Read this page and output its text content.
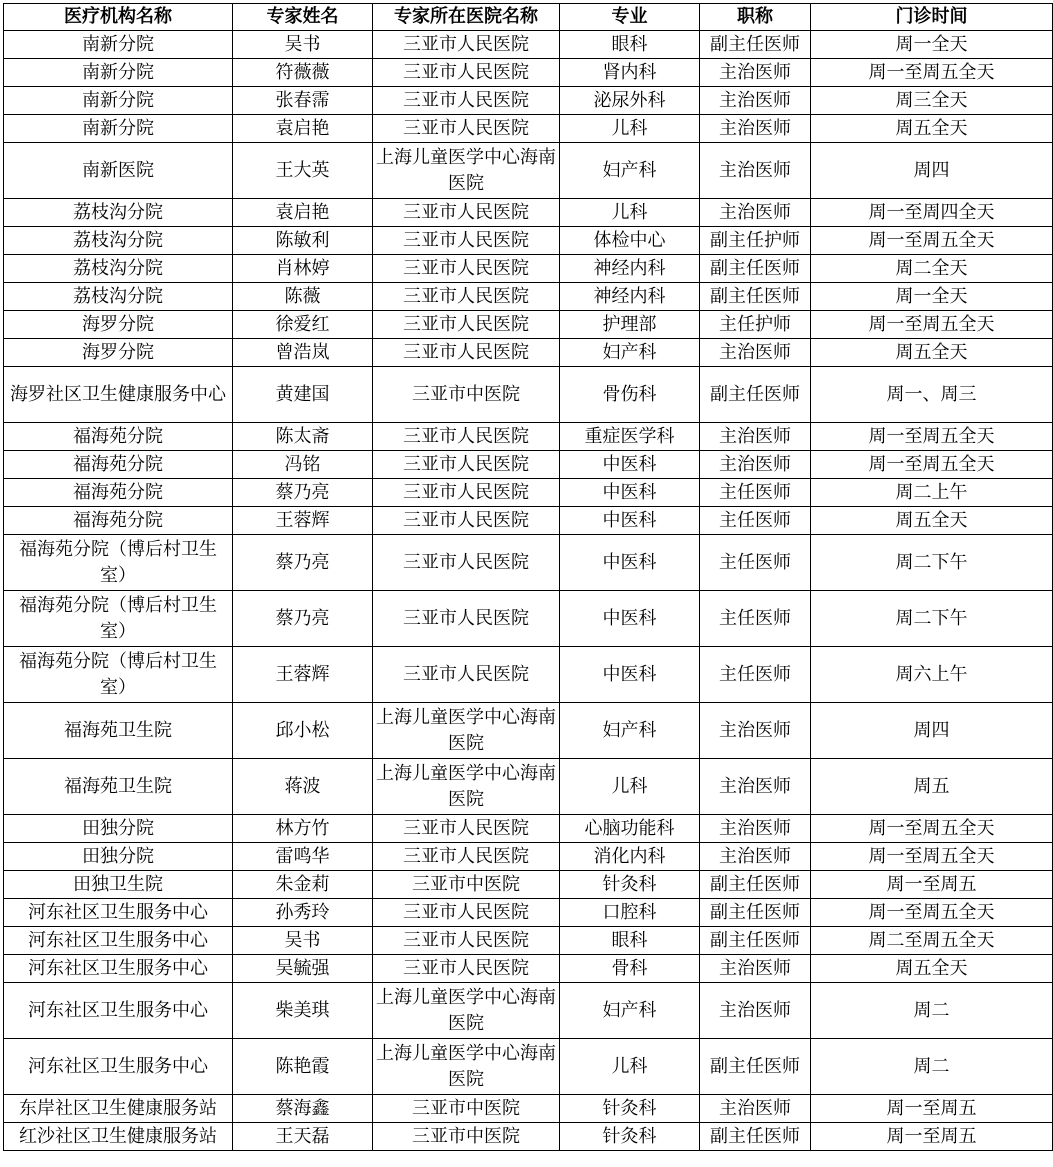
医疗机构名称	专家姓名	专家所在医院名称	专业	职称	门诊时间
南新分院	吴书	三亚市人民医院	眼科	副主任医师	周一全天
南新分院	符薇薇	三亚市人民医院	肾内科	主治医师	周一至周五全天
南新分院	张春霈	三亚市人民医院	泌尿外科	主治医师	周三全天
南新分院	袁启艳	三亚市人民医院	儿科	主治医师	周五全天
南新医院	王大英	上海儿童医学中心海南医院	妇产科	主治医师	周四
荔枝沟分院	袁启艳	三亚市人民医院	儿科	主治医师	周一至周四全天
荔枝沟分院	陈敏利	三亚市人民医院	体检中心	副主任护师	周一至周五全天
荔枝沟分院	肖林婷	三亚市人民医院	神经内科	副主任医师	周二全天
荔枝沟分院	陈薇	三亚市人民医院	神经内科	副主任医师	周一全天
海罗分院	徐爱红	三亚市人民医院	护理部	主任护师	周一至周五全天
海罗分院	曾浩岚	三亚市人民医院	妇产科	主治医师	周五全天
海罗社区卫生健康服务中心	黄建国	三亚市中医院	骨伤科	副主任医师	周一、周三
福海苑分院	陈太斋	三亚市人民医院	重症医学科	主治医师	周一至周五全天
福海苑分院	冯铭	三亚市人民医院	中医科	主治医师	周一至周五全天
福海苑分院	蔡乃亮	三亚市人民医院	中医科	主任医师	周二上午
福海苑分院	王蓉辉	三亚市人民医院	中医科	主任医师	周五全天
福海苑分院（博后村卫生室）	蔡乃亮	三亚市人民医院	中医科	主任医师	周二下午
福海苑分院（博后村卫生室）	蔡乃亮	三亚市人民医院	中医科	主任医师	周二下午
福海苑分院（博后村卫生室）	王蓉辉	三亚市人民医院	中医科	主任医师	周六上午
福海苑卫生院	邱小松	上海儿童医学中心海南医院	妇产科	主治医师	周四
福海苑卫生院	蒋波	上海儿童医学中心海南医院	儿科	主治医师	周五
田独分院	林方竹	三亚市人民医院	心脑功能科	主治医师	周一至周五全天
田独分院	雷鸣华	三亚市人民医院	消化内科	主治医师	周一至周五全天
田独卫生院	朱金莉	三亚市中医院	针灸科	副主任医师	周一至周五
河东社区卫生服务中心	孙秀玲	三亚市人民医院	口腔科	副主任医师	周一至周五全天
河东社区卫生服务中心	吴书	三亚市人民医院	眼科	副主任医师	周二至周五全天
河东社区卫生服务中心	吴毓强	三亚市人民医院	骨科	主治医师	周五全天
河东社区卫生服务中心	柴美琪	上海儿童医学中心海南医院	妇产科	主治医师	周二
河东社区卫生服务中心	陈艳霞	上海儿童医学中心海南医院	儿科	副主任医师	周二
东岸社区卫生健康服务站	蔡海鑫	三亚市中医院	针灸科	主治医师	周一至周五
红沙社区卫生健康服务站	王天磊	三亚市中医院	针灸科	副主任医师	周一至周五
